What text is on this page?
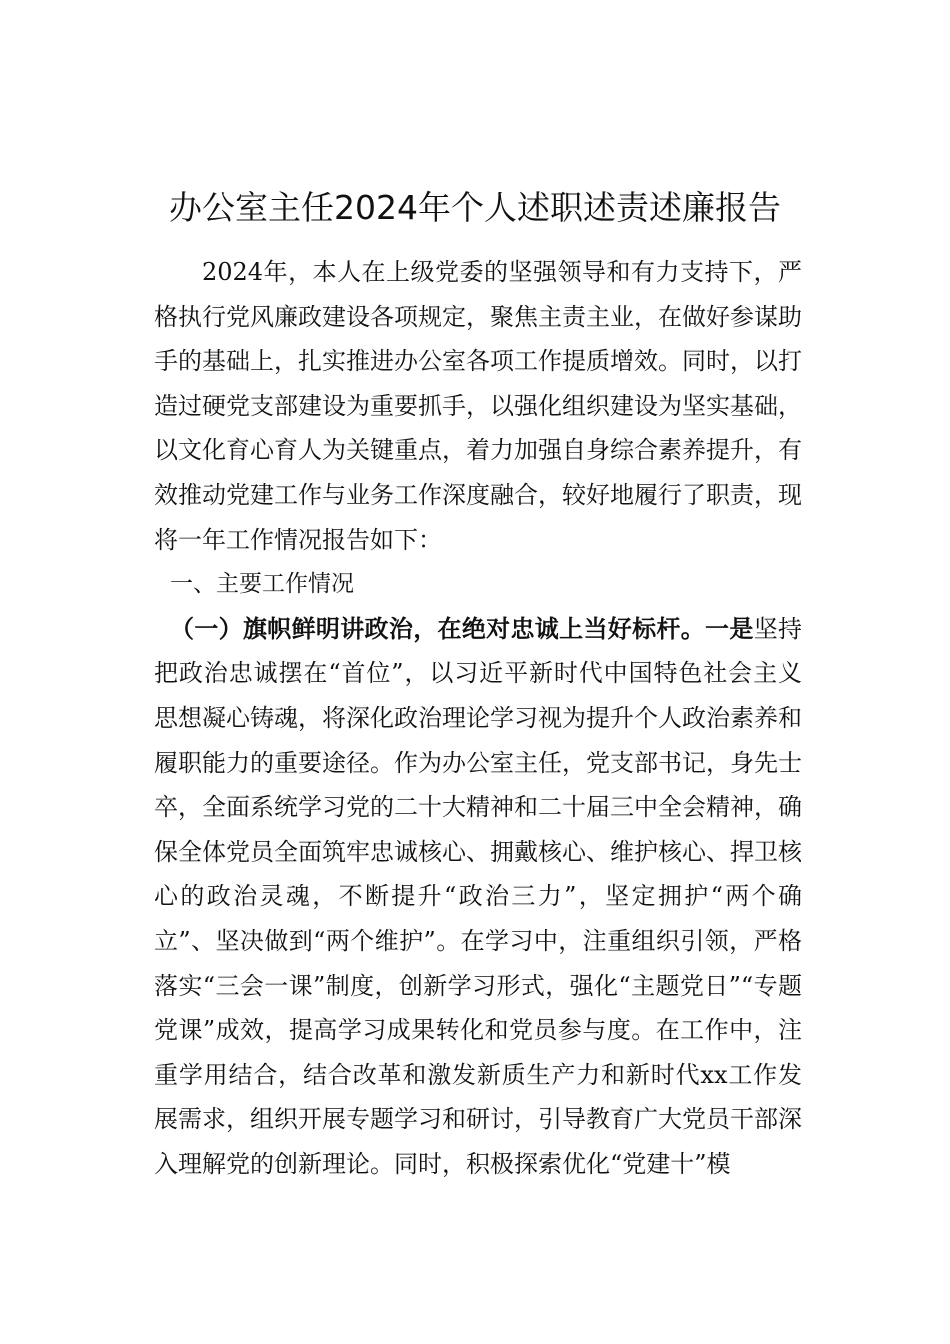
办公室主任2024年个人述职述责述廉报告

2024年，本人在上级党委的坚强领导和有力支持下，严格执行党风廉政建设各项规定，聚焦主责主业，在做好参谋助手的基础上，扎实推进办公室各项工作提质增效。同时，以打造过硬党支部建设为重要抓手，以强化组织建设为坚实基础，以文化育心育人为关键重点，着力加强自身综合素养提升，有效推动党建工作与业务工作深度融合，较好地履行了职责，现将一年工作情况报告如下：

一、主要工作情况

（一）旗帜鲜明讲政治，在绝对忠诚上当好标杆。一是坚持把政治忠诚摆在“首位”，以习近平新时代中国特色社会主义思想凝心铸魂，将深化政治理论学习视为提升个人政治素养和履职能力的重要途径。作为办公室主任，党支部书记，身先士卒，全面系统学习党的二十大精神和二十届三中全会精神，确保全体党员全面筑牢忠诚核心、拥戴核心、维护核心、捍卫核心的政治灵魂，不断提升“政治三力”，坚定拥护“两个确立”、坚决做到“两个维护”。在学习中，注重组织引领，严格落实“三会一课”制度，创新学习形式，强化“主题党日”“专题党课”成效，提高学习成果转化和党员参与度。在工作中，注重学用结合，结合改革和激发新质生产力和新时代xx工作发展需求，组织开展专题学习和研讨，引导教育广大党员干部深入理解党的创新理论。同时，积极探索优化“党建十”模
